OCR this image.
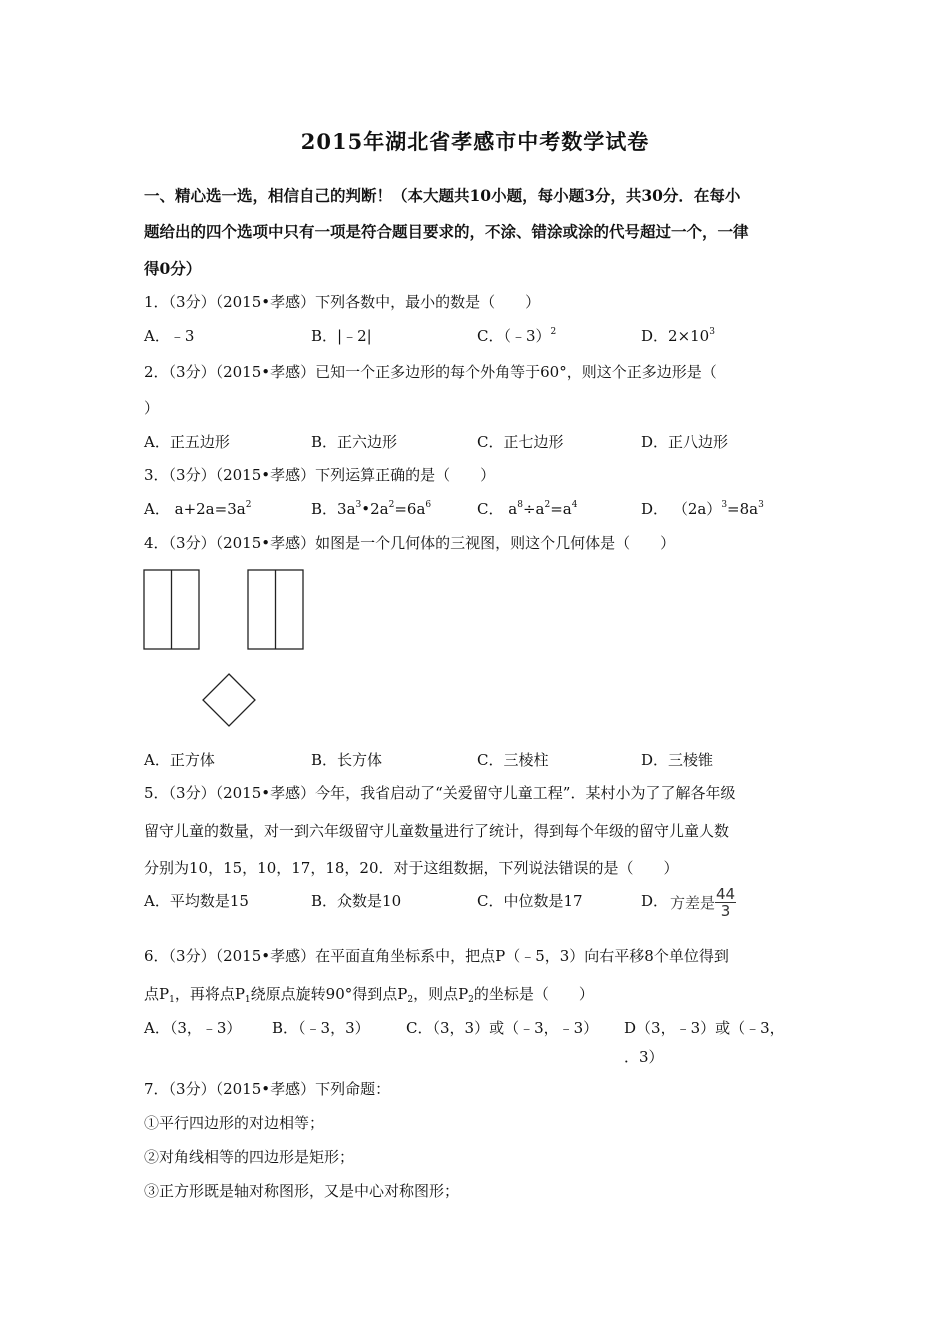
2015年湖北省孝感市中考数学试卷
一、精心选一选，相信自己的判断！（本大题共10小题，每小题3分，共30分．在每小
题给出的四个选项中只有一项是符合题目要求的，不涂、错涂或涂的代号超过一个，一律
得0分）
1．（3分）（2015•孝感）下列各数中，最小的数是（　　）
A．﹣3	B．|﹣2|	C．（﹣3）$^2$	D．$2\times 10^3$
2．（3分）（2015•孝感）已知一个正多边形的每个外角等于60°，则这个正多边形是（
）
A．正五边形	B．正六边形	C．正七边形	D．正八边形
3．（3分）（2015•孝感）下列运算正确的是（　　）
A． $a+2a=3a^2$	B．$3a^3•2a^2=6a^6$	C． $a^8\div a^2=a^4$	D． $(2a)^3=8a^3$
4．（3分）（2015•孝感）如图是一个几何体的三视图，则这个几何体是（　　）
A．正方体	B．长方体	C．三棱柱	D．三棱锥
5．（3分）（2015•孝感）今年，我省启动了“关爱留守儿童工程”．某村小为了了解各年级
留守儿童的数量，对一到六年级留守儿童数量进行了统计，得到每个年级的留守儿童人数
分别为10，15，10，17，18，20．对于这组数据，下列说法错误的是（　　）
A．平均数是15	B．众数是10	C．中位数是17	D． 方差是 $\frac{44}{3}$
6．（3分）（2015•孝感）在平面直角坐标系中，把点P（﹣5，3）向右平移8个单位得到
点$P_1$，再将点$P_1$绕原点旋转90°得到点$P_2$，则点$P_2$的坐标是（　　）
A．（3，﹣3） B．（﹣3，3） C．（3，3）或（﹣3，﹣3） D（3，﹣3）或（﹣3，
．3）
7．（3分）（2015•孝感）下列命题：
①平行四边形的对边相等；
②对角线相等的四边形是矩形；
③正方形既是轴对称图形，又是中心对称图形；
